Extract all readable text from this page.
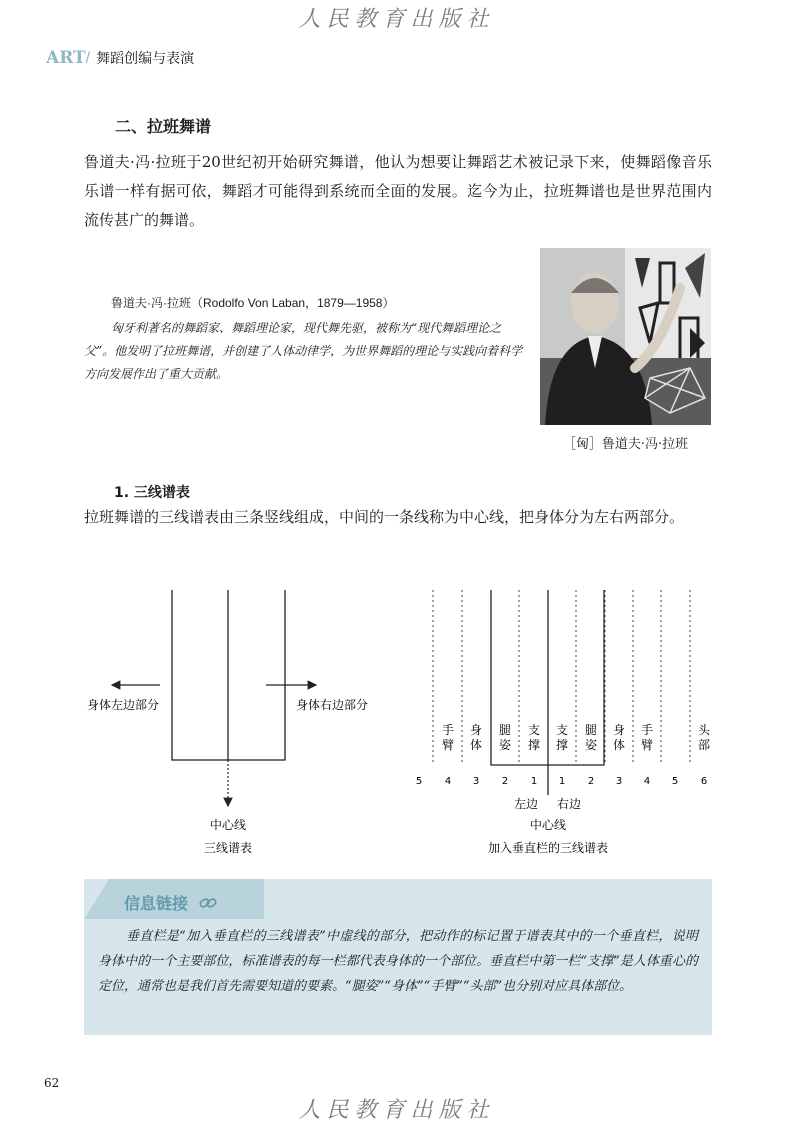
人民教育出版社
ART/ 舞蹈创编与表演
二、拉班舞谱
鲁道夫·冯·拉班于20世纪初开始研究舞谱，他认为想要让舞蹈艺术被记录下来，使舞蹈像音乐乐谱一样有据可依，舞蹈才可能得到系统而全面的发展。迄今为止，拉班舞谱也是世界范围内流传甚广的舞谱。
鲁道夫·冯·拉班（Rodolfo Von Laban，1879—1958）
匈牙利著名的舞蹈家、舞蹈理论家，现代舞先驱，被称为“现代舞蹈理论之父”。他发明了拉班舞谱，并创建了人体动律学，为世界舞蹈的理论与实践向着科学方向发展作出了重大贡献。
［匈］鲁道夫·冯·拉班
1. 三线谱表
拉班舞谱的三线谱表由三条竖线组成，中间的一条线称为中心线，把身体分为左右两部分。
身体左边部分	身体右边部分
中心线
三线谱表
手臂
身体
腿姿
支撑
支撑
腿姿
身体
手臂
头部
5 4 3 2 1 1 2 3 4 5 6
左边 右边
中心线
加入垂直栏的三线谱表
信息链接
垂直栏是“加入垂直栏的三线谱表”中虚线的部分，把动作的标记置于谱表其中的一个垂直栏，说明身体中的一个主要部位，标准谱表的每一栏都代表身体的一个部位。垂直栏中第一栏“支撑”是人体重心的定位，通常也是我们首先需要知道的要素。“腿姿”“身体”“手臂”“头部”也分别对应具体部位。
62
人民教育出版社
